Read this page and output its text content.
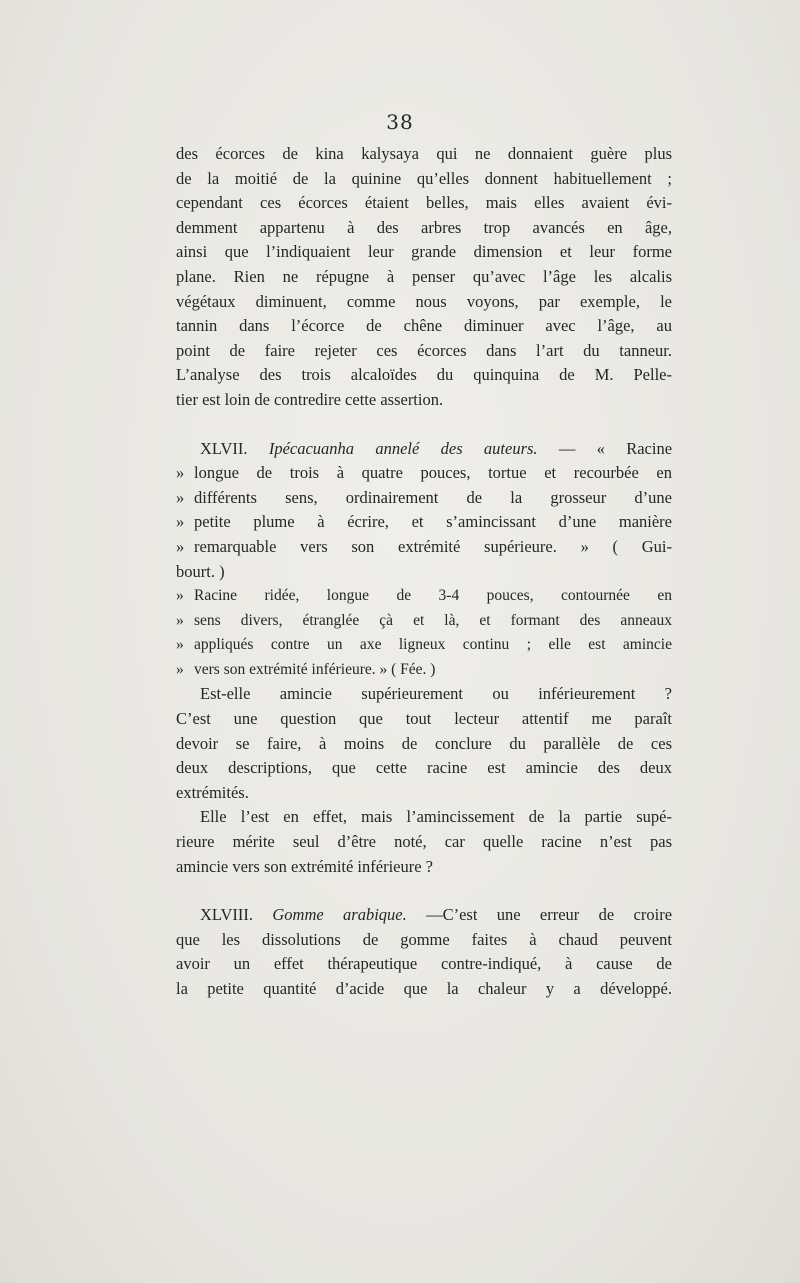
38
des écorces de kina kalysaya qui ne donnaient guère plus
de la moitié de la quinine qu’elles donnent habituellement ;
cependant ces écorces étaient belles, mais elles avaient évi-
demment appartenu à des arbres trop avancés en âge,
ainsi que l’indiquaient leur grande dimension et leur forme
plane. Rien ne répugne à penser qu’avec l’âge les alcalis
végétaux diminuent, comme nous voyons, par exemple, le
tannin dans l’écorce de chêne diminuer avec l’âge, au
point de faire rejeter ces écorces dans l’art du tanneur.
L’analyse des trois alcaloïdes du quinquina de M. Pelle-
tier est loin de contredire cette assertion.
XLVII. Ipécacuanha annelé des auteurs. — « Racine
» longue de trois à quatre pouces, tortue et recourbée en
» différents sens, ordinairement de la grosseur d’une
» petite plume à écrire, et s’amincissant d’une manière
» remarquable vers son extrémité supérieure. » ( Gui-
bourt. )
» Racine ridée, longue de 3-4 pouces, contournée en
» sens divers, étranglée çà et là, et formant des anneaux
» appliqués contre un axe ligneux continu ; elle est amincie
» vers son extrémité inférieure. » ( Fée. )
Est-elle amincie supérieurement ou inférieurement ?
C’est une question que tout lecteur attentif me paraît
devoir se faire, à moins de conclure du parallèle de ces
deux descriptions, que cette racine est amincie des deux
extrémités.
Elle l’est en effet, mais l’amincissement de la partie supé-
rieure mérite seul d’être noté, car quelle racine n’est pas
amincie vers son extrémité inférieure ?
XLVIII. Gomme arabique. —C’est une erreur de croire
que les dissolutions de gomme faites à chaud peuvent
avoir un effet thérapeutique contre-indiqué, à cause de
la petite quantité d’acide que la chaleur y a développé.
